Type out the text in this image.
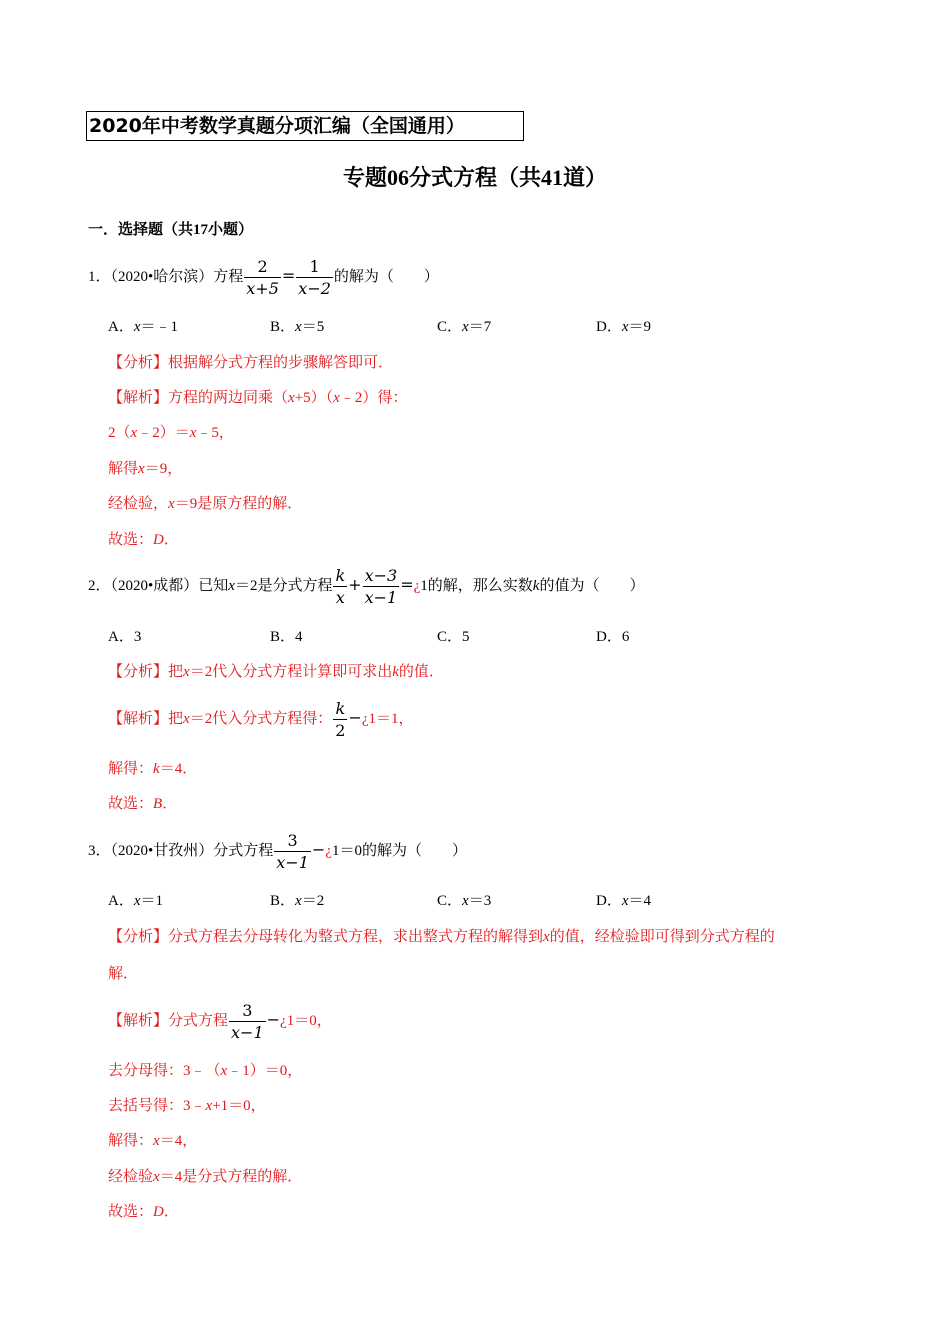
2020年中考数学真题分项汇编（全国通用）
专题06分式方程（共41道）
一．选择题（共17小题）
1．（2020•哈尔滨）方程 $\frac{2}{x+5} = \frac{1}{x-2}$ 的解为（　　）
A．x＝﹣1	B．x＝5	C．x＝7	D．x＝9
【分析】根据解分式方程的步骤解答即可．
【解析】方程的两边同乘（x+5）（x﹣2）得：
2（x﹣2）＝x﹣5，
解得x＝9，
经检验，x＝9是原方程的解．
故选：D．
2．（2020•成都）已知x＝2是分式方程 $\frac{k}{x} + \frac{x-3}{x-1}$ =¿1的解，那么实数k的值为（　　）
A．3	B．4	C．5	D．6
【分析】把x＝2代入分式方程计算即可求出k的值．
【解析】把x＝2代入分式方程得： $\frac{k}{2}$ −¿1＝1，
解得：k＝4．
故选：B．
3．（2020•甘孜州）分式方程 $\frac{3}{x-1}$ −¿1＝0的解为（　　）
A．x＝1	B．x＝2	C．x＝3	D．x＝4
【分析】分式方程去分母转化为整式方程，求出整式方程的解得到x的值，经检验即可得到分式方程的
解．
【解析】分式方程 $\frac{3}{x-1}$ −¿1＝0，
去分母得：3﹣（x﹣1）＝0，
去括号得：3﹣x+1＝0，
解得：x＝4，
经检验x＝4是分式方程的解．
故选：D．
